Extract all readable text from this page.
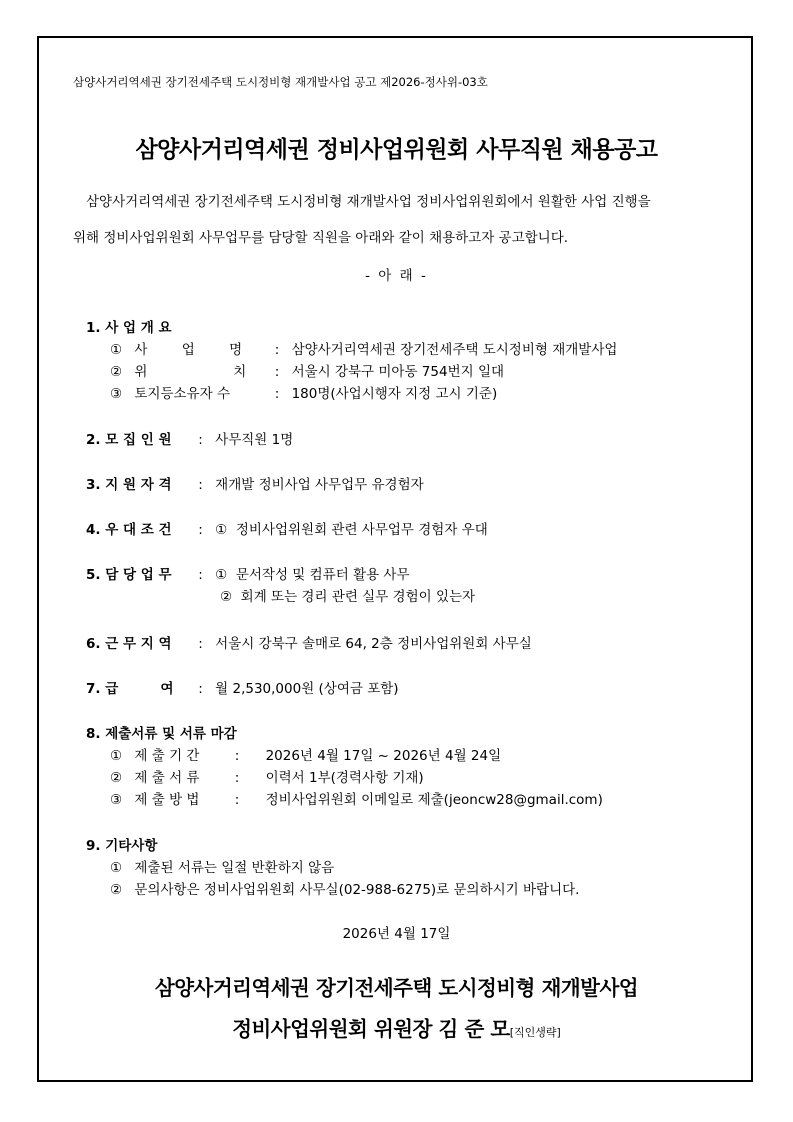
삼양사거리역세권 장기전세주택 도시정비형 재개발사업 공고 제2026-정사위-03호
삼양사거리역세권 정비사업위원회 사무직원 채용공고
삼양사거리역세권 장기전세주택 도시정비형 재개발사업 정비사업위원회에서 원활한 사업 진행을
위해 정비사업위원회 사무업무를 담당할 직원을 아래와 같이 채용하고자 공고합니다.
- 아 래 -
1. 사 업 개 요
① 사        업        명 : 삼양사거리역세권 장기전세주택 도시정비형 재개발사업
② 위                    치 : 서울시 강북구 미아동 754번지 일대
③ 토지등소유자 수	: 180명(사업시행자 지정 고시 기준)
2. 모 집 인 원 : 사무직원 1명
3. 지 원 자 격 : 재개발 정비사업 사무업무 유경험자
4. 우 대 조 건 : ①  정비사업위원회 관련 사무업무 경험자 우대
5. 담 당 업 무 : ①  문서작성 및 컴퓨터 활용 사무
②  회계 또는 경리 관련 실무 경험이 있는자
6. 근 무 지 역 : 서울시 강북구 솔매로 64, 2층 정비사업위원회 사무실
7. 급         여 : 월 2,530,000원 (상여금 포함)
8. 제출서류 및 서류 마감
① 제 출 기 간	: 2026년 4월 17일 ~ 2026년 4월 24일
② 제 출 서 류	: 이력서 1부(경력사항 기재)
③ 제 출 방 법	: 정비사업위원회 이메일로 제출(jeoncw28@gmail.com)
9. 기타사항
① 제출된 서류는 일절 반환하지 않음
② 문의사항은 정비사업위원회 사무실(02-988-6275)로 문의하시기 바랍니다.
2026년 4월 17일
삼양사거리역세권 장기전세주택 도시정비형 재개발사업
정비사업위원회 위원장 김 준 모[직인생략]
